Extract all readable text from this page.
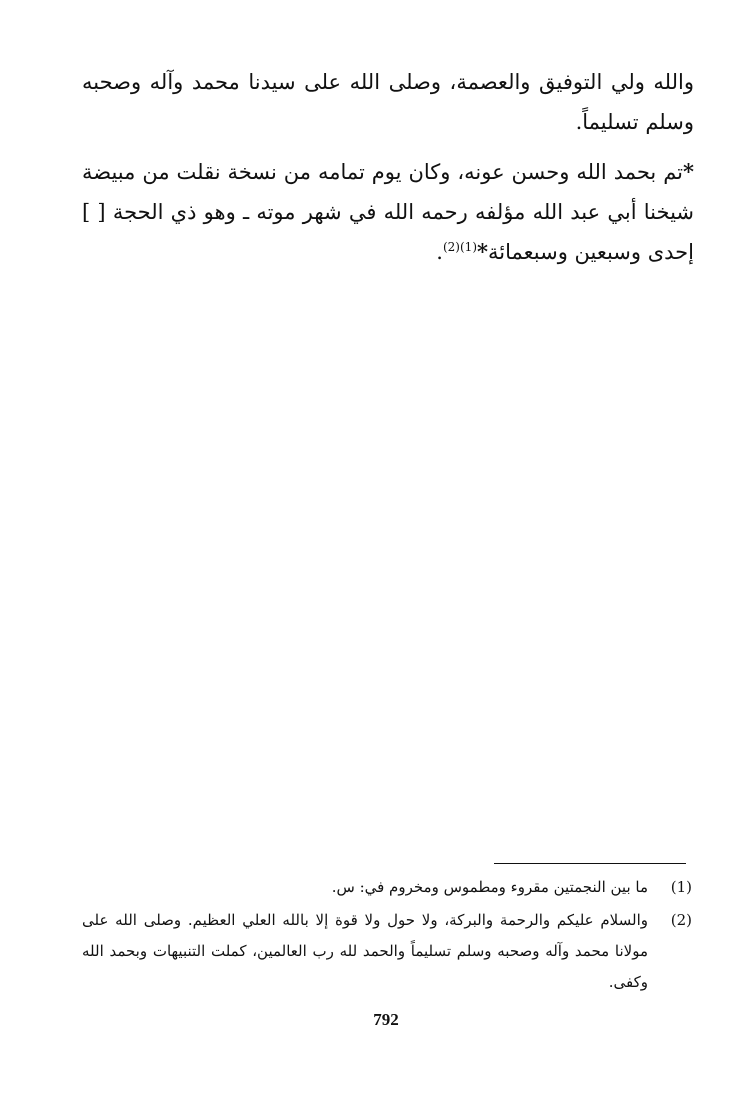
والله ولي التوفيق والعصمة، وصلى الله على سيدنا محمد وآله وصحبه وسلم تسليماً.

*تم بحمد الله وحسن عونه، وكان يوم تمامه من نسخة نقلت من مبيضة شيخنا أبي عبد الله مؤلفه رحمه الله في شهر موته ـ وهو ذي الحجة [ ] إحدى وسبعين وسبعمائة*$^{(1)(2)}$.

(1)
ما بين النجمتين مقروء ومطموس ومخروم في: س.
(2)
والسلام عليكم والرحمة والبركة، ولا حول ولا قوة إلا بالله العلي العظيم. وصلى الله على مولانا محمد وآله وصحبه وسلم تسليماً والحمد لله رب العالمين، كملت التنبيهات وبحمد الله وكفى.
792
